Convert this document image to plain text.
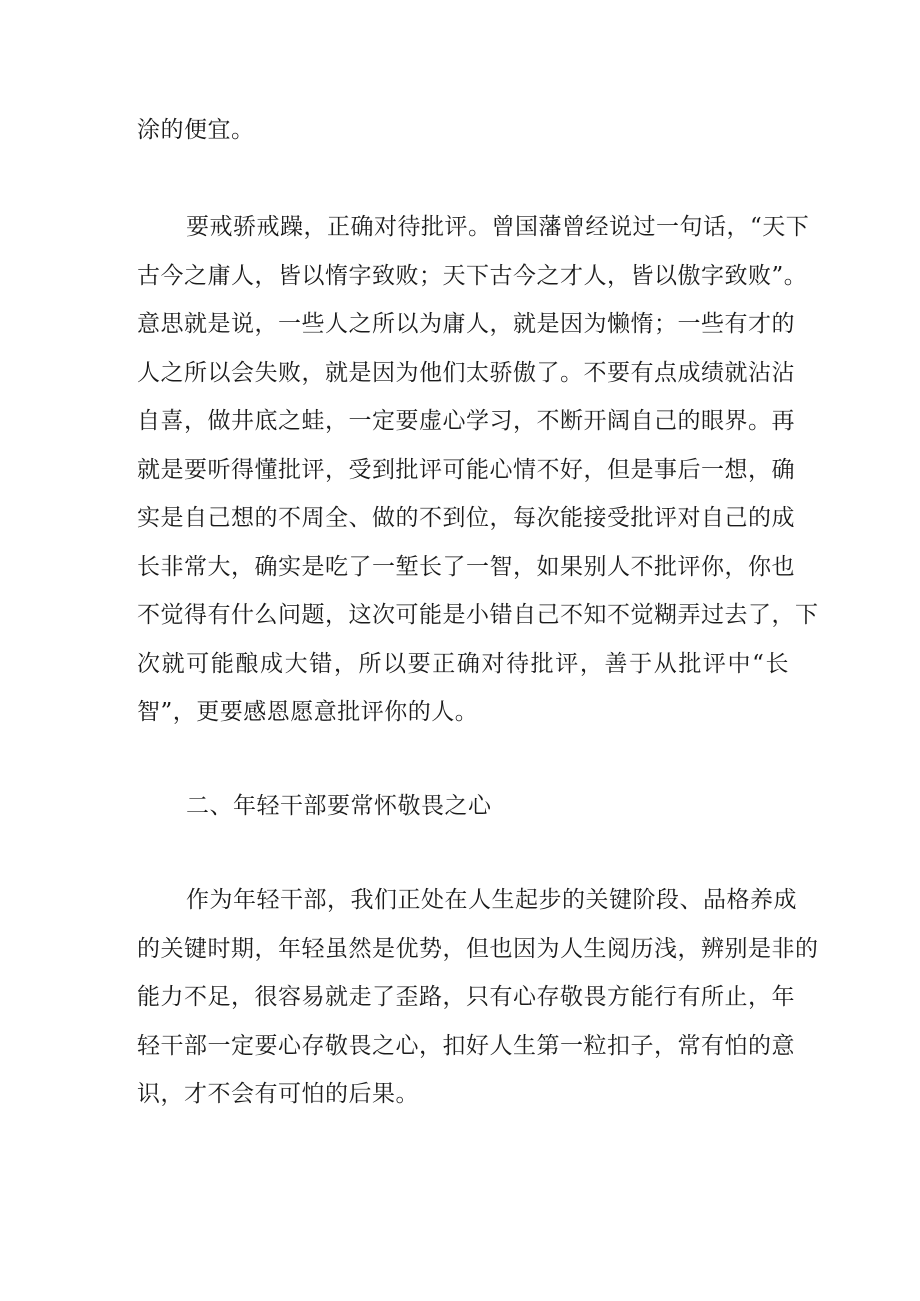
涂的便宜。
要戒骄戒躁，正确对待批评。曾国藩曾经说过一句话，“天下
古今之庸人，皆以惰字致败；天下古今之才人，皆以傲字致败”。
意思就是说，一些人之所以为庸人，就是因为懒惰；一些有才的
人之所以会失败，就是因为他们太骄傲了。不要有点成绩就沾沾
自喜，做井底之蛙，一定要虚心学习，不断开阔自己的眼界。再
就是要听得懂批评，受到批评可能心情不好，但是事后一想，确
实是自己想的不周全、做的不到位，每次能接受批评对自己的成
长非常大，确实是吃了一堑长了一智，如果别人不批评你，你也
不觉得有什么问题，这次可能是小错自己不知不觉糊弄过去了，下
次就可能酿成大错，所以要正确对待批评，善于从批评中“长
智”，更要感恩愿意批评你的人。
二、年轻干部要常怀敬畏之心
作为年轻干部，我们正处在人生起步的关键阶段、品格养成
的关键时期，年轻虽然是优势，但也因为人生阅历浅，辨别是非的
能力不足，很容易就走了歪路，只有心存敬畏方能行有所止，年
轻干部一定要心存敬畏之心，扣好人生第一粒扣子，常有怕的意
识，才不会有可怕的后果。
